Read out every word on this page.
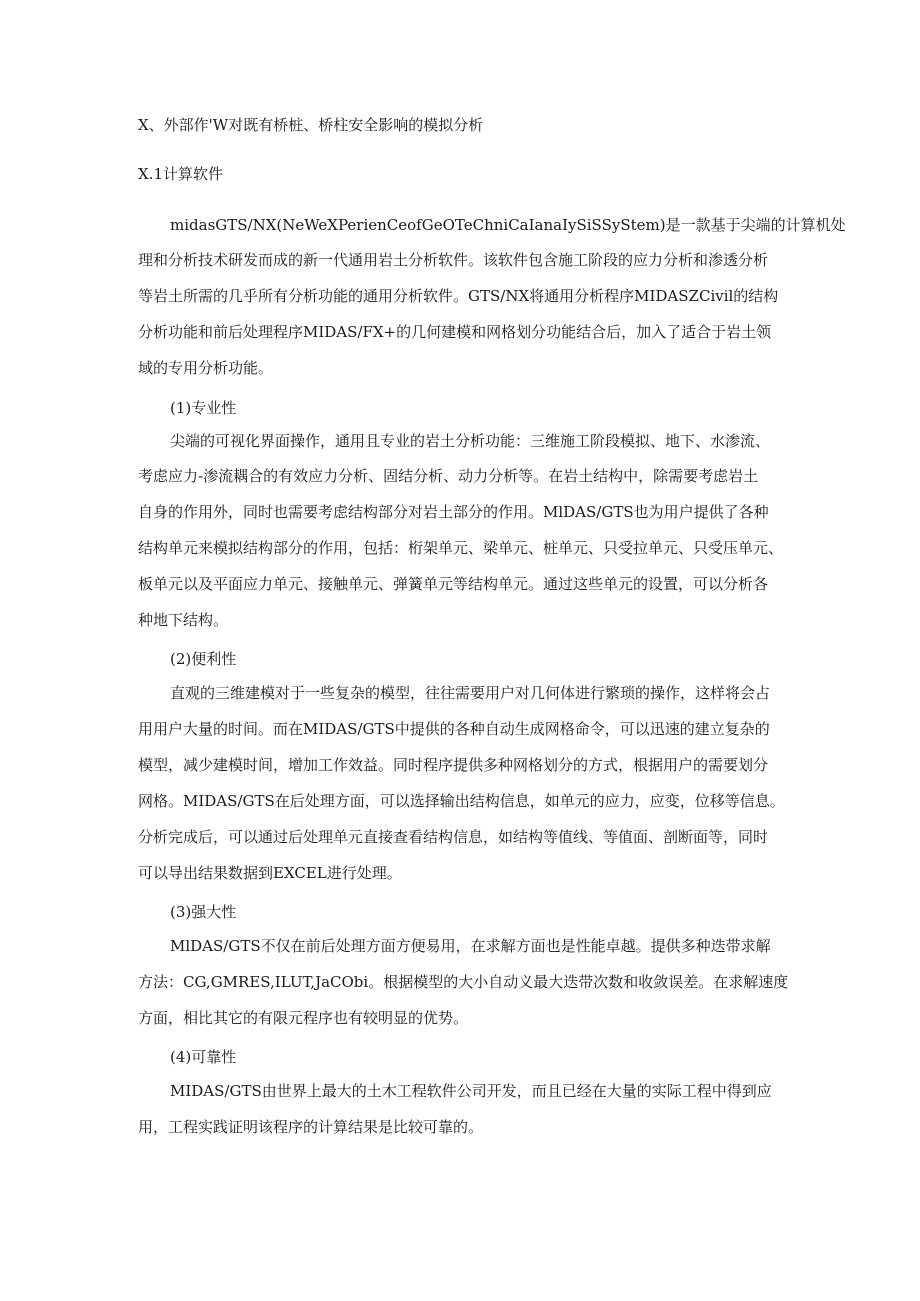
X、外部作'W对既有桥桩、桥柱安全影响的模拟分析
X.1计算软件
midasGTS/NX(NeWeXPerienCeofGeOTeChniCaIanaIySiSSyStem)是一款基于尖端的计算机处
理和分析技术研发而成的新一代通用岩土分析软件。该软件包含施工阶段的应力分析和渗透分析
等岩土所需的几乎所有分析功能的通用分析软件。GTS/NX将通用分析程序MIDASZCivil的结构
分析功能和前后处理程序MIDAS/FX+的几何建模和网格划分功能结合后，加入了适合于岩土领
域的专用分析功能。
(1)专业性
尖端的可视化界面操作，通用且专业的岩土分析功能：三维施工阶段模拟、地下、水渗流、
考虑应力-渗流耦合的有效应力分析、固结分析、动力分析等。在岩土结构中，除需要考虑岩土
自身的作用外，同时也需要考虑结构部分对岩土部分的作用。MlDAS/GTS也为用户提供了各种
结构单元来模拟结构部分的作用，包括：桁架单元、梁单元、桩单元、只受拉单元、只受压单元、
板单元以及平面应力单元、接触单元、弹簧单元等结构单元。通过这些单元的设置，可以分析各
种地下结构。
(2)便利性
直观的三维建模对于一些复杂的模型，往往需要用户对几何体进行繁琐的操作，这样将会占
用用户大量的时间。而在MIDAS/GTS中提供的各种自动生成网格命令，可以迅速的建立复杂的
模型，减少建模时间，增加工作效益。同时程序提供多种网格划分的方式，根据用户的需要划分
网格。MIDAS/GTS在后处理方面，可以选择输出结构信息，如单元的应力，应变，位移等信息。
分析完成后，可以通过后处理单元直接查看结构信息，如结构等值线、等值面、剖断面等，同时
可以导出结果数据到EXCEL进行处理。
(3)强大性
MlDAS/GTS不仅在前后处理方面方便易用，在求解方面也是性能卓越。提供多种迭带求解
方法：CG,GMRES,ILUT,JaCObi。根据模型的大小自动义最大迭带次数和收敛误差。在求解速度
方面，相比其它的有限元程序也有较明显的优势。
(4)可靠性
MIDAS/GTS由世界上最大的土木工程软件公司开发，而且已经在大量的实际工程中得到应
用，工程实践证明该程序的计算结果是比较可靠的。
